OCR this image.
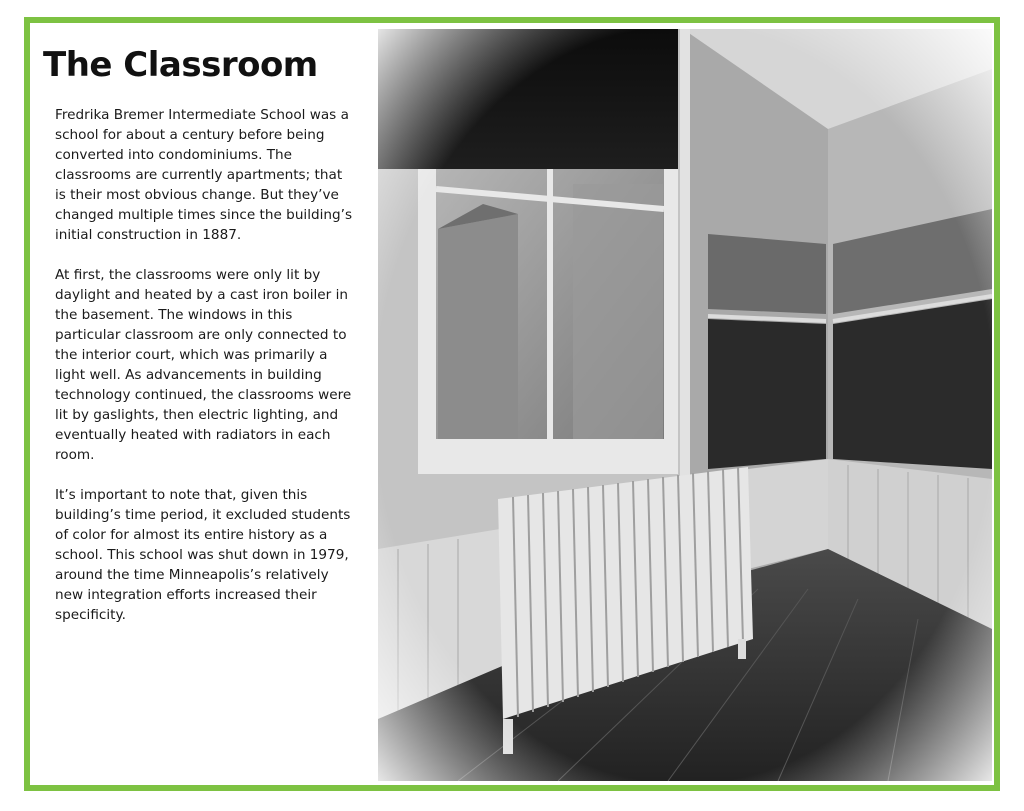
The Classroom

Fredrika Bremer Intermediate School was a school for about a century before being converted into condominiums. The classrooms are currently apartments; that is their most obvious change. But they’ve changed multiple times since the building’s initial construction in 1887.

At first, the classrooms were only lit by daylight and heated by a cast iron boiler in the basement. The windows in this particular classroom are only connected to the interior court, which was primarily a light well. As advancements in building technology continued, the classrooms were lit by gaslights, then electric lighting, and eventually heated with radiators in each room.

It’s important to note that, given this building’s time period, it excluded students of color for almost its entire history as a school. This school was shut down in 1979, around the time Minneapolis’s relatively new integration efforts increased their specificity.
